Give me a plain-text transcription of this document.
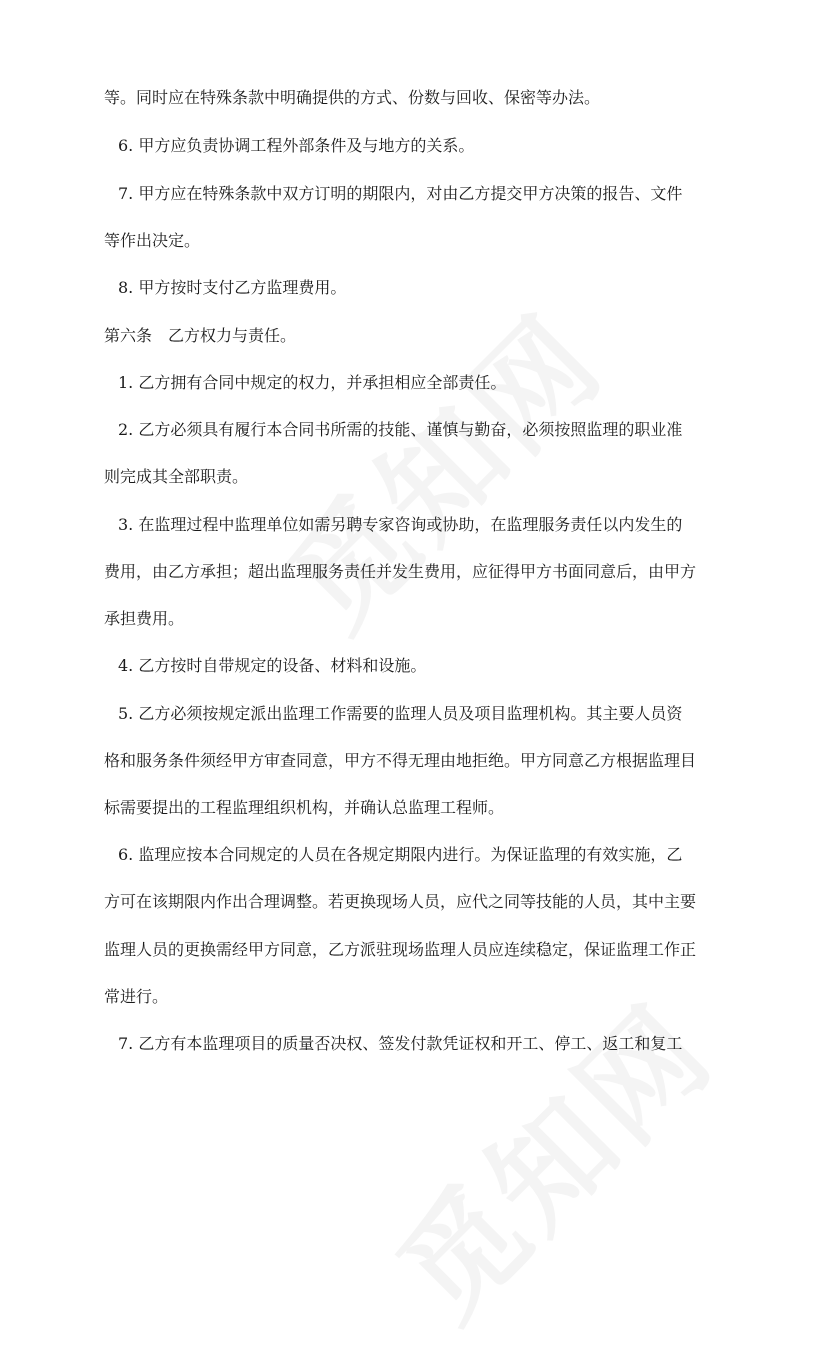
等。同时应在特殊条款中明确提供的方式、份数与回收、保密等办法。
6. 甲方应负责协调工程外部条件及与地方的关系。
7. 甲方应在特殊条款中双方订明的期限内，对由乙方提交甲方决策的报告、文件
等作出决定。
8. 甲方按时支付乙方监理费用。
第六条　乙方权力与责任。
1. 乙方拥有合同中规定的权力，并承担相应全部责任。
2. 乙方必须具有履行本合同书所需的技能、谨慎与勤奋，必须按照监理的职业准
则完成其全部职责。
3. 在监理过程中监理单位如需另聘专家咨询或协助，在监理服务责任以内发生的
费用，由乙方承担；超出监理服务责任并发生费用，应征得甲方书面同意后，由甲方
承担费用。
4. 乙方按时自带规定的设备、材料和设施。
5. 乙方必须按规定派出监理工作需要的监理人员及项目监理机构。其主要人员资
格和服务条件须经甲方审查同意，甲方不得无理由地拒绝。甲方同意乙方根据监理目
标需要提出的工程监理组织机构，并确认总监理工程师。
6. 监理应按本合同规定的人员在各规定期限内进行。为保证监理的有效实施，乙
方可在该期限内作出合理调整。若更换现场人员，应代之同等技能的人员，其中主要
监理人员的更换需经甲方同意，乙方派驻现场监理人员应连续稳定，保证监理工作正
常进行。
7. 乙方有本监理项目的质量否决权、签发付款凭证权和开工、停工、返工和复工
